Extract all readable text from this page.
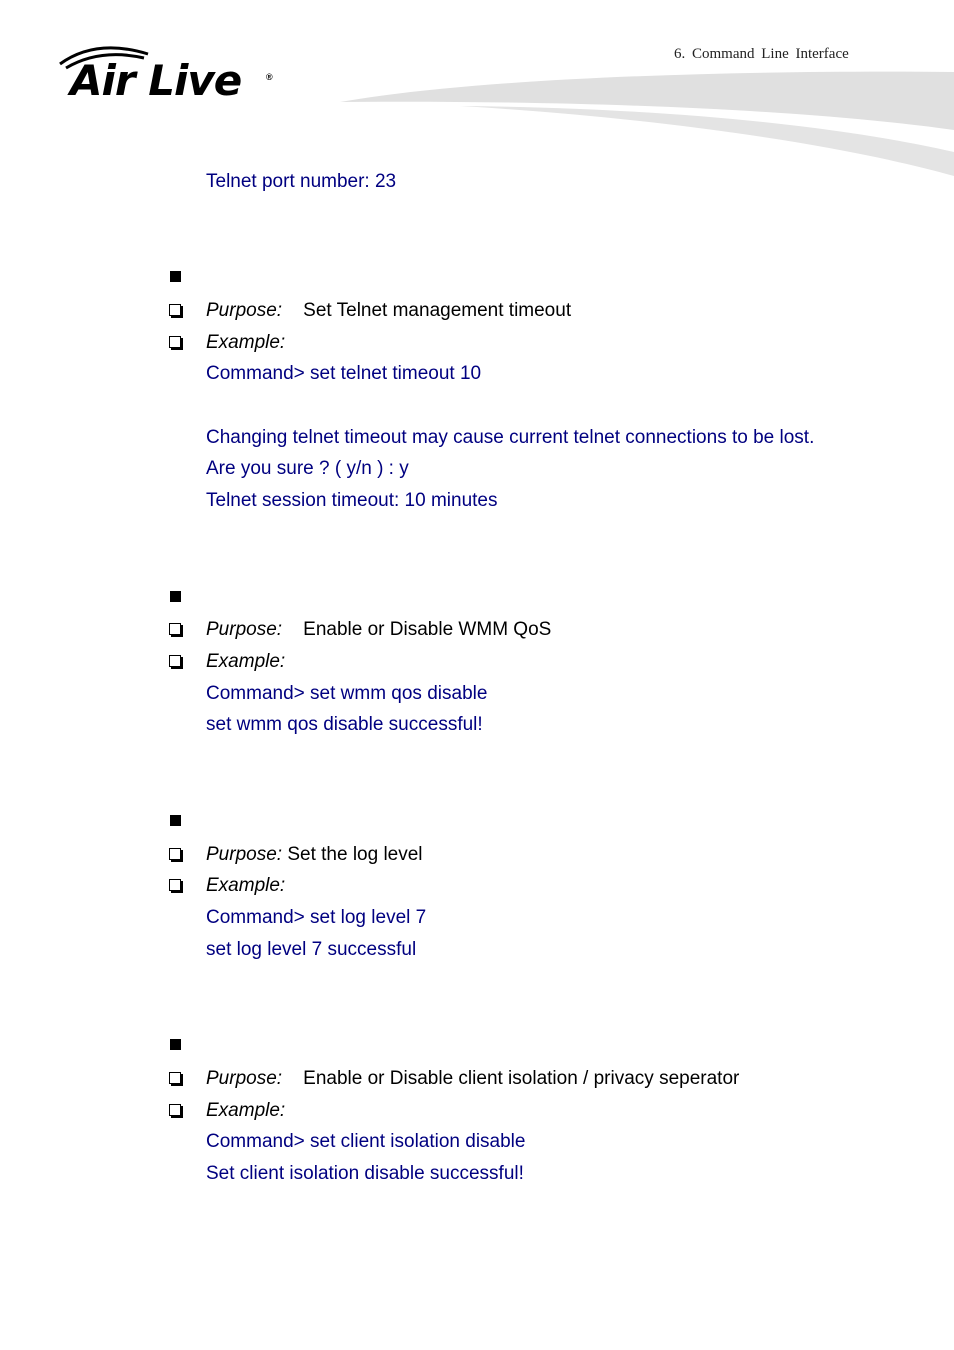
Air Live	®
6. Command Line Interface
Telnet port number: 23
Purpose: Set Telnet management timeout
Example:
Command> set telnet timeout 10
Changing telnet timeout may cause current telnet connections to be lost.
Are you sure ? ( y/n ) : y
Telnet session timeout: 10 minutes
Purpose: Enable or Disable WMM QoS
Example:
Command> set wmm qos disable
set wmm qos disable successful!
Purpose: Set the log level
Example:
Command> set log level 7
set log level 7 successful
Purpose: Enable or Disable client isolation / privacy seperator
Example:
Command> set client isolation disable
Set client isolation disable successful!
